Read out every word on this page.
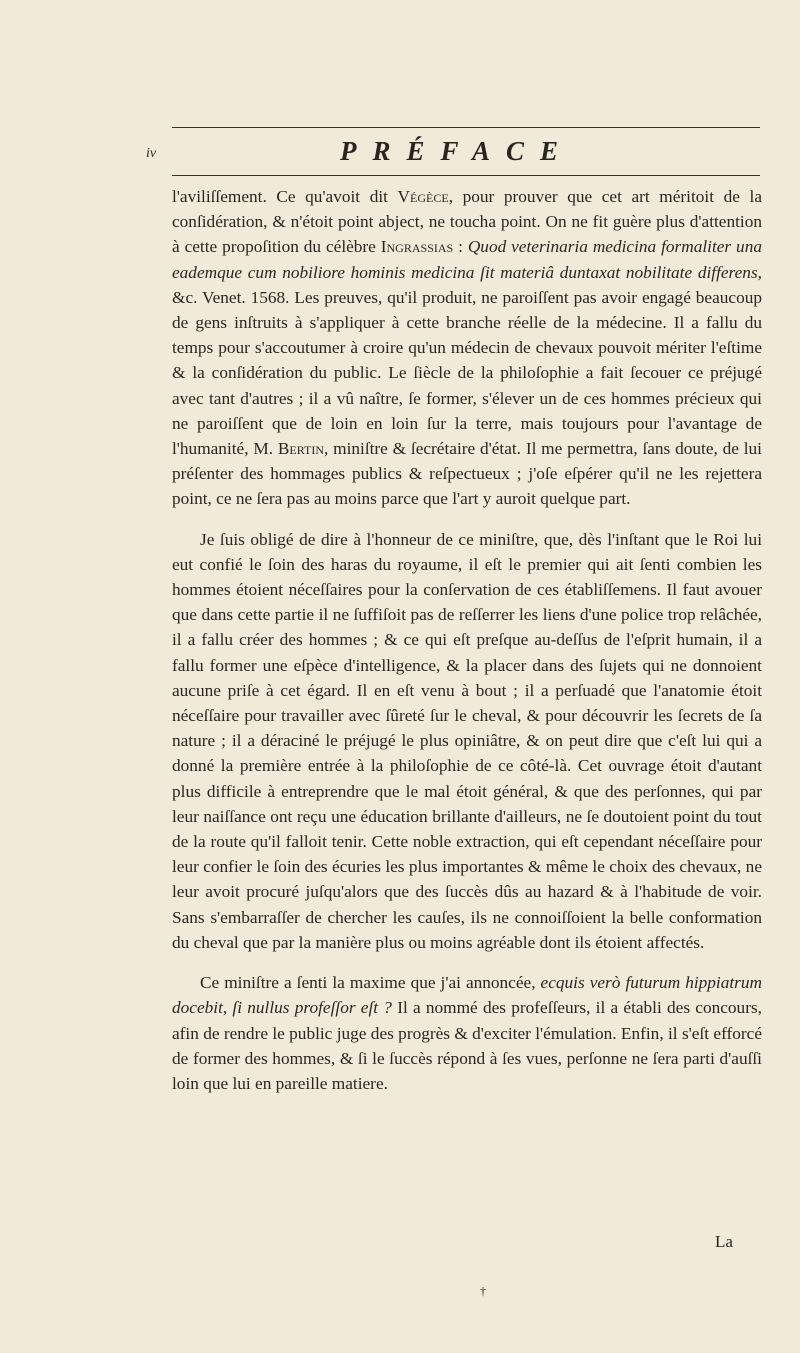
iv	PRÉFACE

l'aviliſſement. Ce qu'avoit dit Végèce, pour prouver que cet art méritoit de la conſidération, & n'étoit point abject, ne toucha point. On ne fit guère plus d'attention à cette propoſition du célèbre Ingrassias : Quod veterinaria medicina formaliter una eademque cum nobiliore hominis medicina ſit materiâ duntaxat nobilitate differens, &c. Venet. 1568. Les preuves, qu'il produit, ne paroiſſent pas avoir engagé beaucoup de gens inſtruits à s'appliquer à cette branche réelle de la médecine. Il a fallu du temps pour s'accoutumer à croire qu'un médecin de chevaux pouvoit mériter l'eſtime & la conſidération du public. Le ſiècle de la philoſophie a fait ſecouer ce préjugé avec tant d'autres ; il a vû naître, ſe former, s'élever un de ces hommes précieux qui ne paroiſſent que de loin en loin ſur la terre, mais toujours pour l'avantage de l'humanité, M. Bertin, miniſtre & ſecrétaire d'état. Il me permettra, ſans doute, de lui préſenter des hommages publics & reſpectueux ; j'oſe eſpérer qu'il ne les rejettera point, ce ne ſera pas au moins parce que l'art y auroit quelque part.

Je ſuis obligé de dire à l'honneur de ce miniſtre, que, dès l'inſtant que le Roi lui eut confié le ſoin des haras du royaume, il eſt le premier qui ait ſenti combien les hommes étoient néceſſaires pour la conſervation de ces établiſſemens. Il faut avouer que dans cette partie il ne ſuffiſoit pas de reſſerrer les liens d'une police trop relâchée, il a fallu créer des hommes ; & ce qui eſt preſque au-deſſus de l'eſprit humain, il a fallu former une eſpèce d'intelligence, & la placer dans des ſujets qui ne donnoient aucune priſe à cet égard. Il en eſt venu à bout ; il a perſuadé que l'anatomie étoit néceſſaire pour travailler avec ſûreté ſur le cheval, & pour découvrir les ſecrets de ſa nature ; il a déraciné le préjugé le plus opiniâtre, & on peut dire que c'eſt lui qui a donné la première entrée à la philoſophie de ce côté-là. Cet ouvrage étoit d'autant plus difficile à entreprendre que le mal étoit général, & que des perſonnes, qui par leur naiſſance ont reçu une éducation brillante d'ailleurs, ne ſe doutoient point du tout de la route qu'il falloit tenir. Cette noble extraction, qui eſt cependant néceſſaire pour leur confier le ſoin des écuries les plus importantes & même le choix des chevaux, ne leur avoit procuré juſqu'alors que des ſuccès dûs au hazard & à l'habitude de voir. Sans s'embarraſſer de chercher les cauſes, ils ne connoiſſoient la belle conformation du cheval que par la manière plus ou moins agréable dont ils étoient affectés.

Ce miniſtre a ſenti la maxime que j'ai annoncée, ecquis verò futurum hippiatrum docebit, ſi nullus profeſſor eſt ? Il a nommé des profeſſeurs, il a établi des concours, afin de rendre le public juge des progrès & d'exciter l'émulation. Enfin, il s'eſt efforcé de former des hommes, & ſi le ſuccès répond à ſes vues, perſonne ne ſera parti d'auſſi loin que lui en pareille matiere.

La
†
